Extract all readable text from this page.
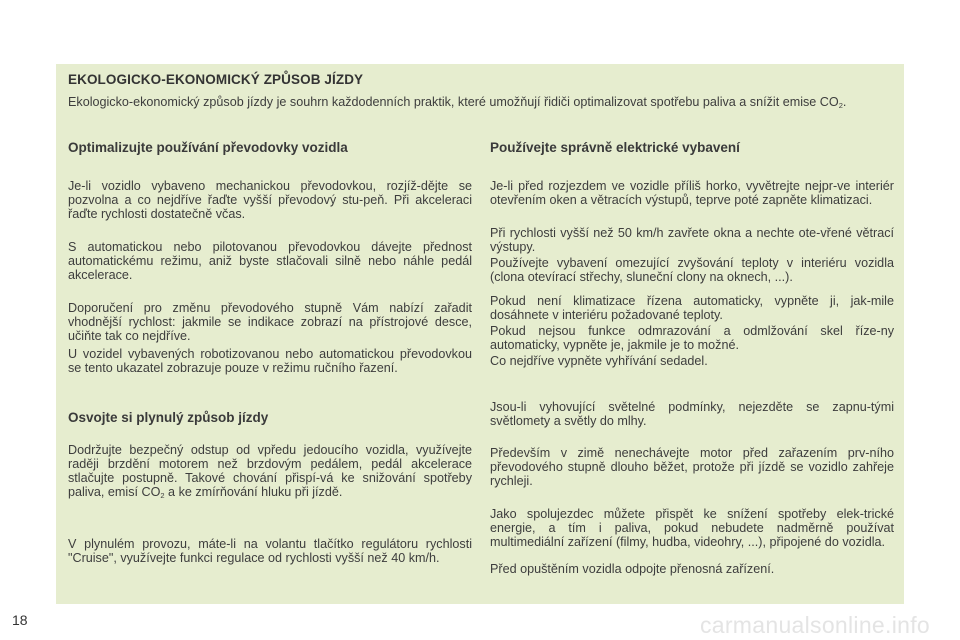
EKOLOGICKO-EKONOMICKÝ ZPŮSOB JÍZDY
Ekologicko-ekonomický způsob jízdy je souhrn každodenních praktik, které umožňují řidiči optimalizovat spotřebu paliva a snížit emise $CO_2$.
Optimalizujte používání převodovky vozidla
Je-li vozidlo vybaveno mechanickou převodovkou, rozjíž-dějte se pozvolna a co nejdříve řaďte vyšší převodový stu-peň. Při akceleraci řaďte rychlosti dostatečně včas.
S automatickou nebo pilotovanou převodovkou dávejte přednost automatickému režimu, aniž byste stlačovali silně nebo náhle pedál akcelerace.
Doporučení pro změnu převodového stupně Vám nabízí zařadit vhodnější rychlost: jakmile se indikace zobrazí na přístrojové desce, učiňte tak co nejdříve.
U vozidel vybavených robotizovanou nebo automatickou převodovkou se tento ukazatel zobrazuje pouze v režimu ručního řazení.
Osvojte si plynulý způsob jízdy
Dodržujte bezpečný odstup od vpředu jedoucího vozidla, využívejte raději brzdění motorem než brzdovým pedálem, pedál akcelerace stlačujte postupně. Takové chování přispí-vá ke snižování spotřeby paliva, emisí $CO_2$ a ke zmírňování hluku při jízdě.
V plynulém provozu, máte-li na volantu tlačítko regulátoru rychlosti "Cruise", využívejte funkci regulace od rychlosti vyšší než 40 km/h.
Používejte správně elektrické vybavení
Je-li před rozjezdem ve vozidle příliš horko, vyvětrejte nejpr-ve interiér otevřením oken a větracích výstupů, teprve poté zapněte klimatizaci.
Při rychlosti vyšší než 50 km/h zavřete okna a nechte ote-vřené větrací výstupy.
Používejte vybavení omezující zvyšování teploty v interiéru vozidla (clona otevírací střechy, sluneční clony na oknech, ...).
Pokud není klimatizace řízena automaticky, vypněte ji, jak-mile dosáhnete v interiéru požadované teploty.
Pokud nejsou funkce odmrazování a odmlžování skel říze-ny automaticky, vypněte je, jakmile je to možné.
Co nejdříve vypněte vyhřívání sedadel.
Jsou-li vyhovující světelné podmínky, nejezděte se zapnu-tými světlomety a světly do mlhy.
Především v zimě nenechávejte motor před zařazením prv-ního převodového stupně dlouho běžet, protože při jízdě se vozidlo zahřeje rychleji.
Jako spolujezdec můžete přispět ke snížení spotřeby elek-trické energie, a tím i paliva, pokud nebudete nadměrně používat multimediální zařízení (filmy, hudba, videohry, ...), připojené do vozidla.
Před opuštěním vozidla odpojte přenosná zařízení.
18	carmanualsonline.info
